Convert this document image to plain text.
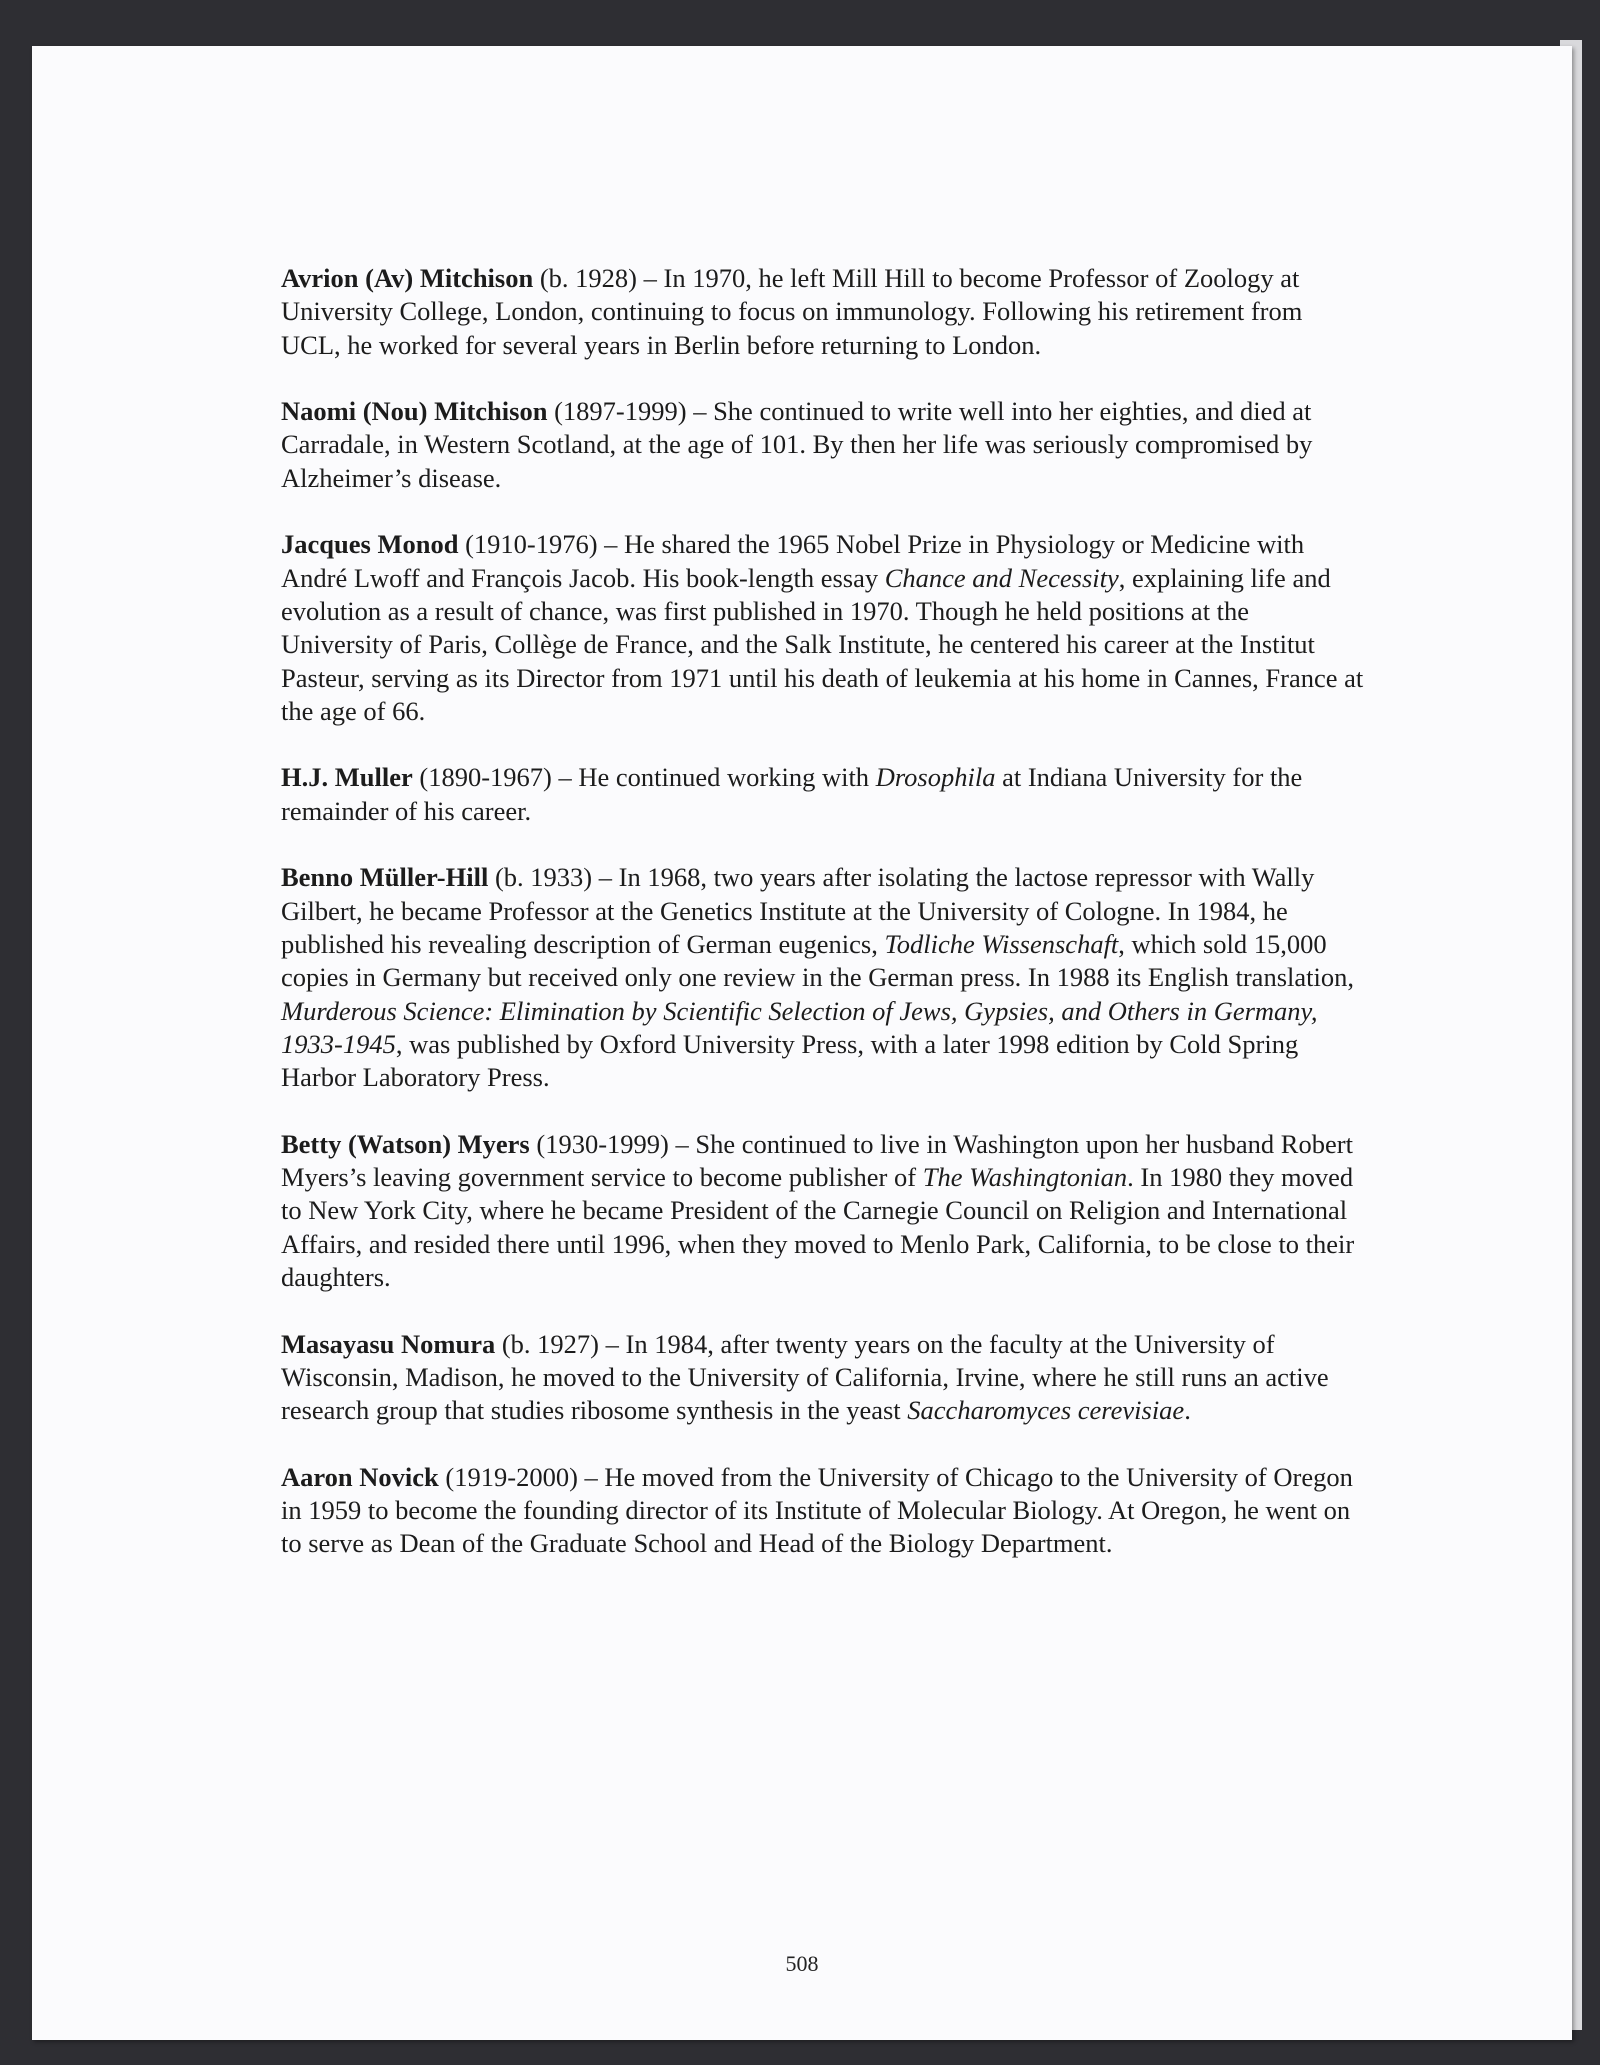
Avrion (Av) Mitchison (b. 1928) – In 1970, he left Mill Hill to become Professor of Zoology at University College, London, continuing to focus on immunology. Following his retirement from UCL, he worked for several years in Berlin before returning to London.

Naomi (Nou) Mitchison (1897-1999) – She continued to write well into her eighties, and died at Carradale, in Western Scotland, at the age of 101. By then her life was seriously compromised by Alzheimer’s disease.

Jacques Monod (1910-1976) – He shared the 1965 Nobel Prize in Physiology or Medicine with André Lwoff and François Jacob. His book-length essay Chance and Necessity, explaining life and evolution as a result of chance, was first published in 1970. Though he held positions at the University of Paris, Collège de France, and the Salk Institute, he centered his career at the Institut Pasteur, serving as its Director from 1971 until his death of leukemia at his home in Cannes, France at the age of 66.

H.J. Muller (1890-1967) – He continued working with Drosophila at Indiana University for the remainder of his career.

Benno Müller-Hill (b. 1933) – In 1968, two years after isolating the lactose repressor with Wally Gilbert, he became Professor at the Genetics Institute at the University of Cologne. In 1984, he published his revealing description of German eugenics, Todliche Wissenschaft, which sold 15,000 copies in Germany but received only one review in the German press. In 1988 its English translation, Murderous Science: Elimination by Scientific Selection of Jews, Gypsies, and Others in Germany, 1933-1945, was published by Oxford University Press, with a later 1998 edition by Cold Spring Harbor Laboratory Press.

Betty (Watson) Myers (1930-1999) – She continued to live in Washington upon her husband Robert Myers’s leaving government service to become publisher of The Washingtonian. In 1980 they moved to New York City, where he became President of the Carnegie Council on Religion and International Affairs, and resided there until 1996, when they moved to Menlo Park, California, to be close to their daughters.

Masayasu Nomura (b. 1927) – In 1984, after twenty years on the faculty at the University of Wisconsin, Madison, he moved to the University of California, Irvine, where he still runs an active research group that studies ribosome synthesis in the yeast Saccharomyces cerevisiae.

Aaron Novick (1919-2000) – He moved from the University of Chicago to the University of Oregon in 1959 to become the founding director of its Institute of Molecular Biology. At Oregon, he went on to serve as Dean of the Graduate School and Head of the Biology Department.

508
